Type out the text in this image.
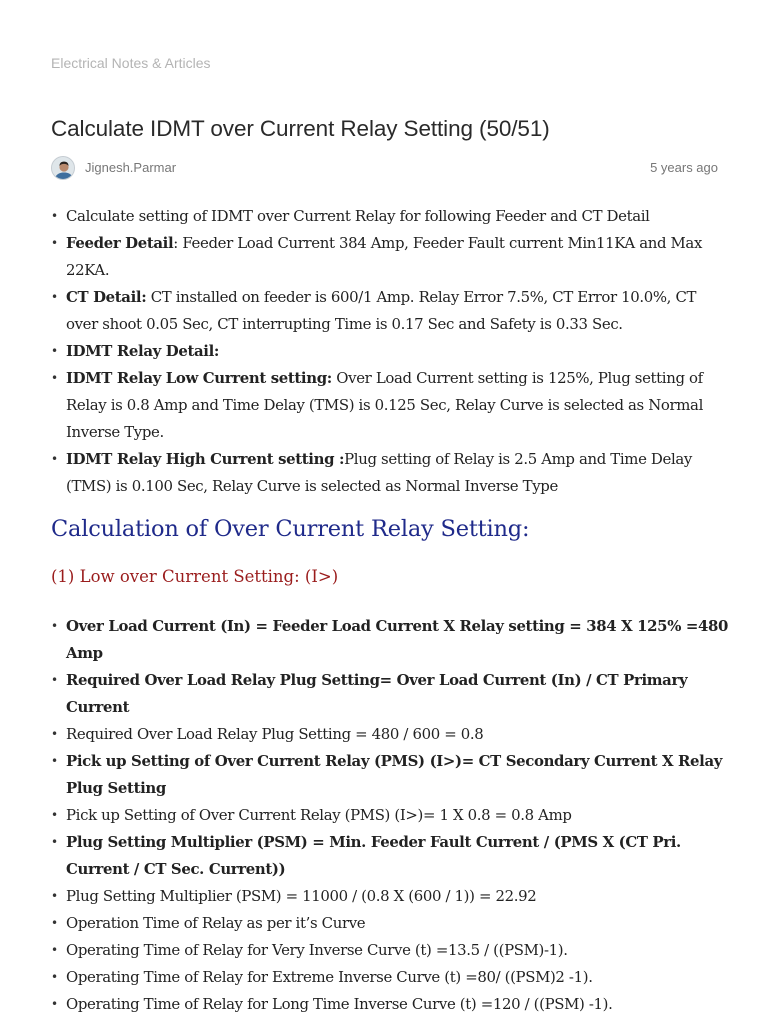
Electrical Notes & Articles
Calculate IDMT over Current Relay Setting (50/51)
Jignesh.Parmar	5 years ago
• Calculate setting of IDMT over Current Relay for following Feeder and CT Detail
• Feeder Detail: Feeder Load Current 384 Amp, Feeder Fault current Min11KA and Max 22KA.
• CT Detail: CT installed on feeder is 600/1 Amp. Relay Error 7.5%, CT Error 10.0%, CT over shoot 0.05 Sec, CT interrupting Time is 0.17 Sec and Safety is 0.33 Sec.
• IDMT Relay Detail:
• IDMT Relay Low Current setting: Over Load Current setting is 125%, Plug setting of Relay is 0.8 Amp and Time Delay (TMS) is 0.125 Sec, Relay Curve is selected as Normal Inverse Type.
• IDMT Relay High Current setting :Plug setting of Relay is 2.5 Amp and Time Delay (TMS) is 0.100 Sec, Relay Curve is selected as Normal Inverse Type
Calculation of Over Current Relay Setting:
(1) Low over Current Setting: (I>)
• Over Load Current (In) = Feeder Load Current X Relay setting = 384 X 125% =480 Amp
• Required Over Load Relay Plug Setting= Over Load Current (In) / CT Primary Current
• Required Over Load Relay Plug Setting = 480 / 600 = 0.8
• Pick up Setting of Over Current Relay (PMS) (I>)= CT Secondary Current X Relay Plug Setting
• Pick up Setting of Over Current Relay (PMS) (I>)= 1 X 0.8 = 0.8 Amp
• Plug Setting Multiplier (PSM) = Min. Feeder Fault Current / (PMS X (CT Pri. Current / CT Sec. Current))
• Plug Setting Multiplier (PSM) = 11000 / (0.8 X (600 / 1)) = 22.92
• Operation Time of Relay as per it’s Curve
• Operating Time of Relay for Very Inverse Curve (t) =13.5 / ((PSM)-1).
• Operating Time of Relay for Extreme Inverse Curve (t) =80/ ((PSM)2 -1).
• Operating Time of Relay for Long Time Inverse Curve (t) =120 / ((PSM) -1).
